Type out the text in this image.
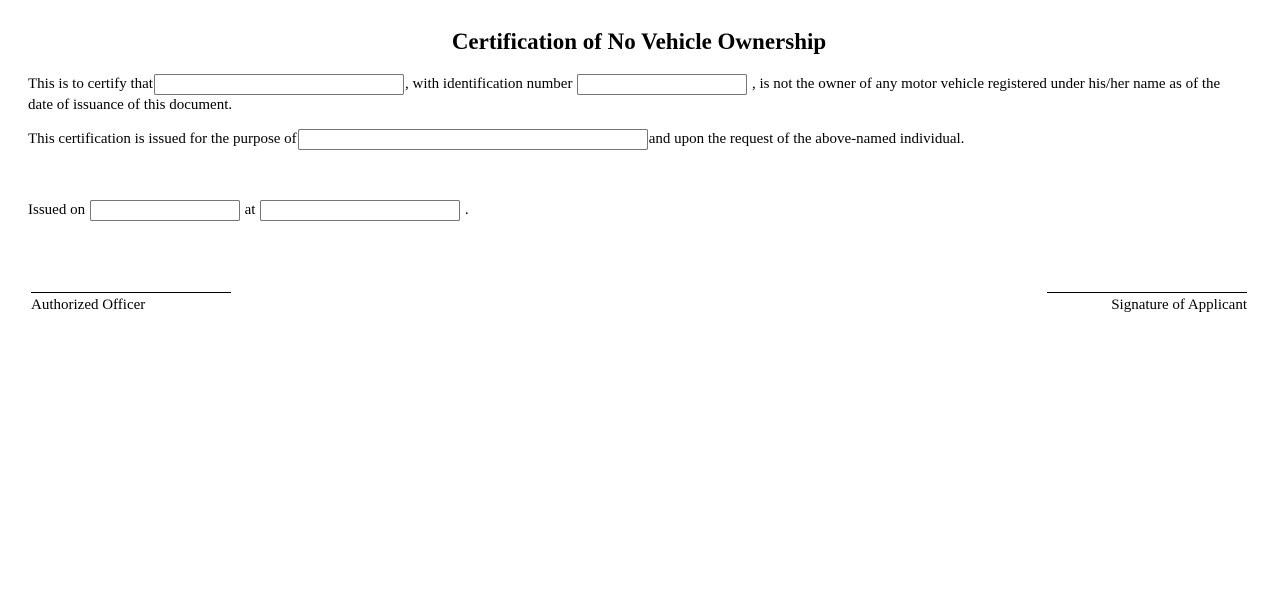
Certification of No Vehicle Ownership
This is to certify that	, with identification number	, is not the owner of any motor vehicle registered under his/her name as of the date of issuance of this document.
This certification is issued for the purpose of	and upon the request of the above-named individual.
Issued on	at	.
Authorized Officer	Signature of Applicant
